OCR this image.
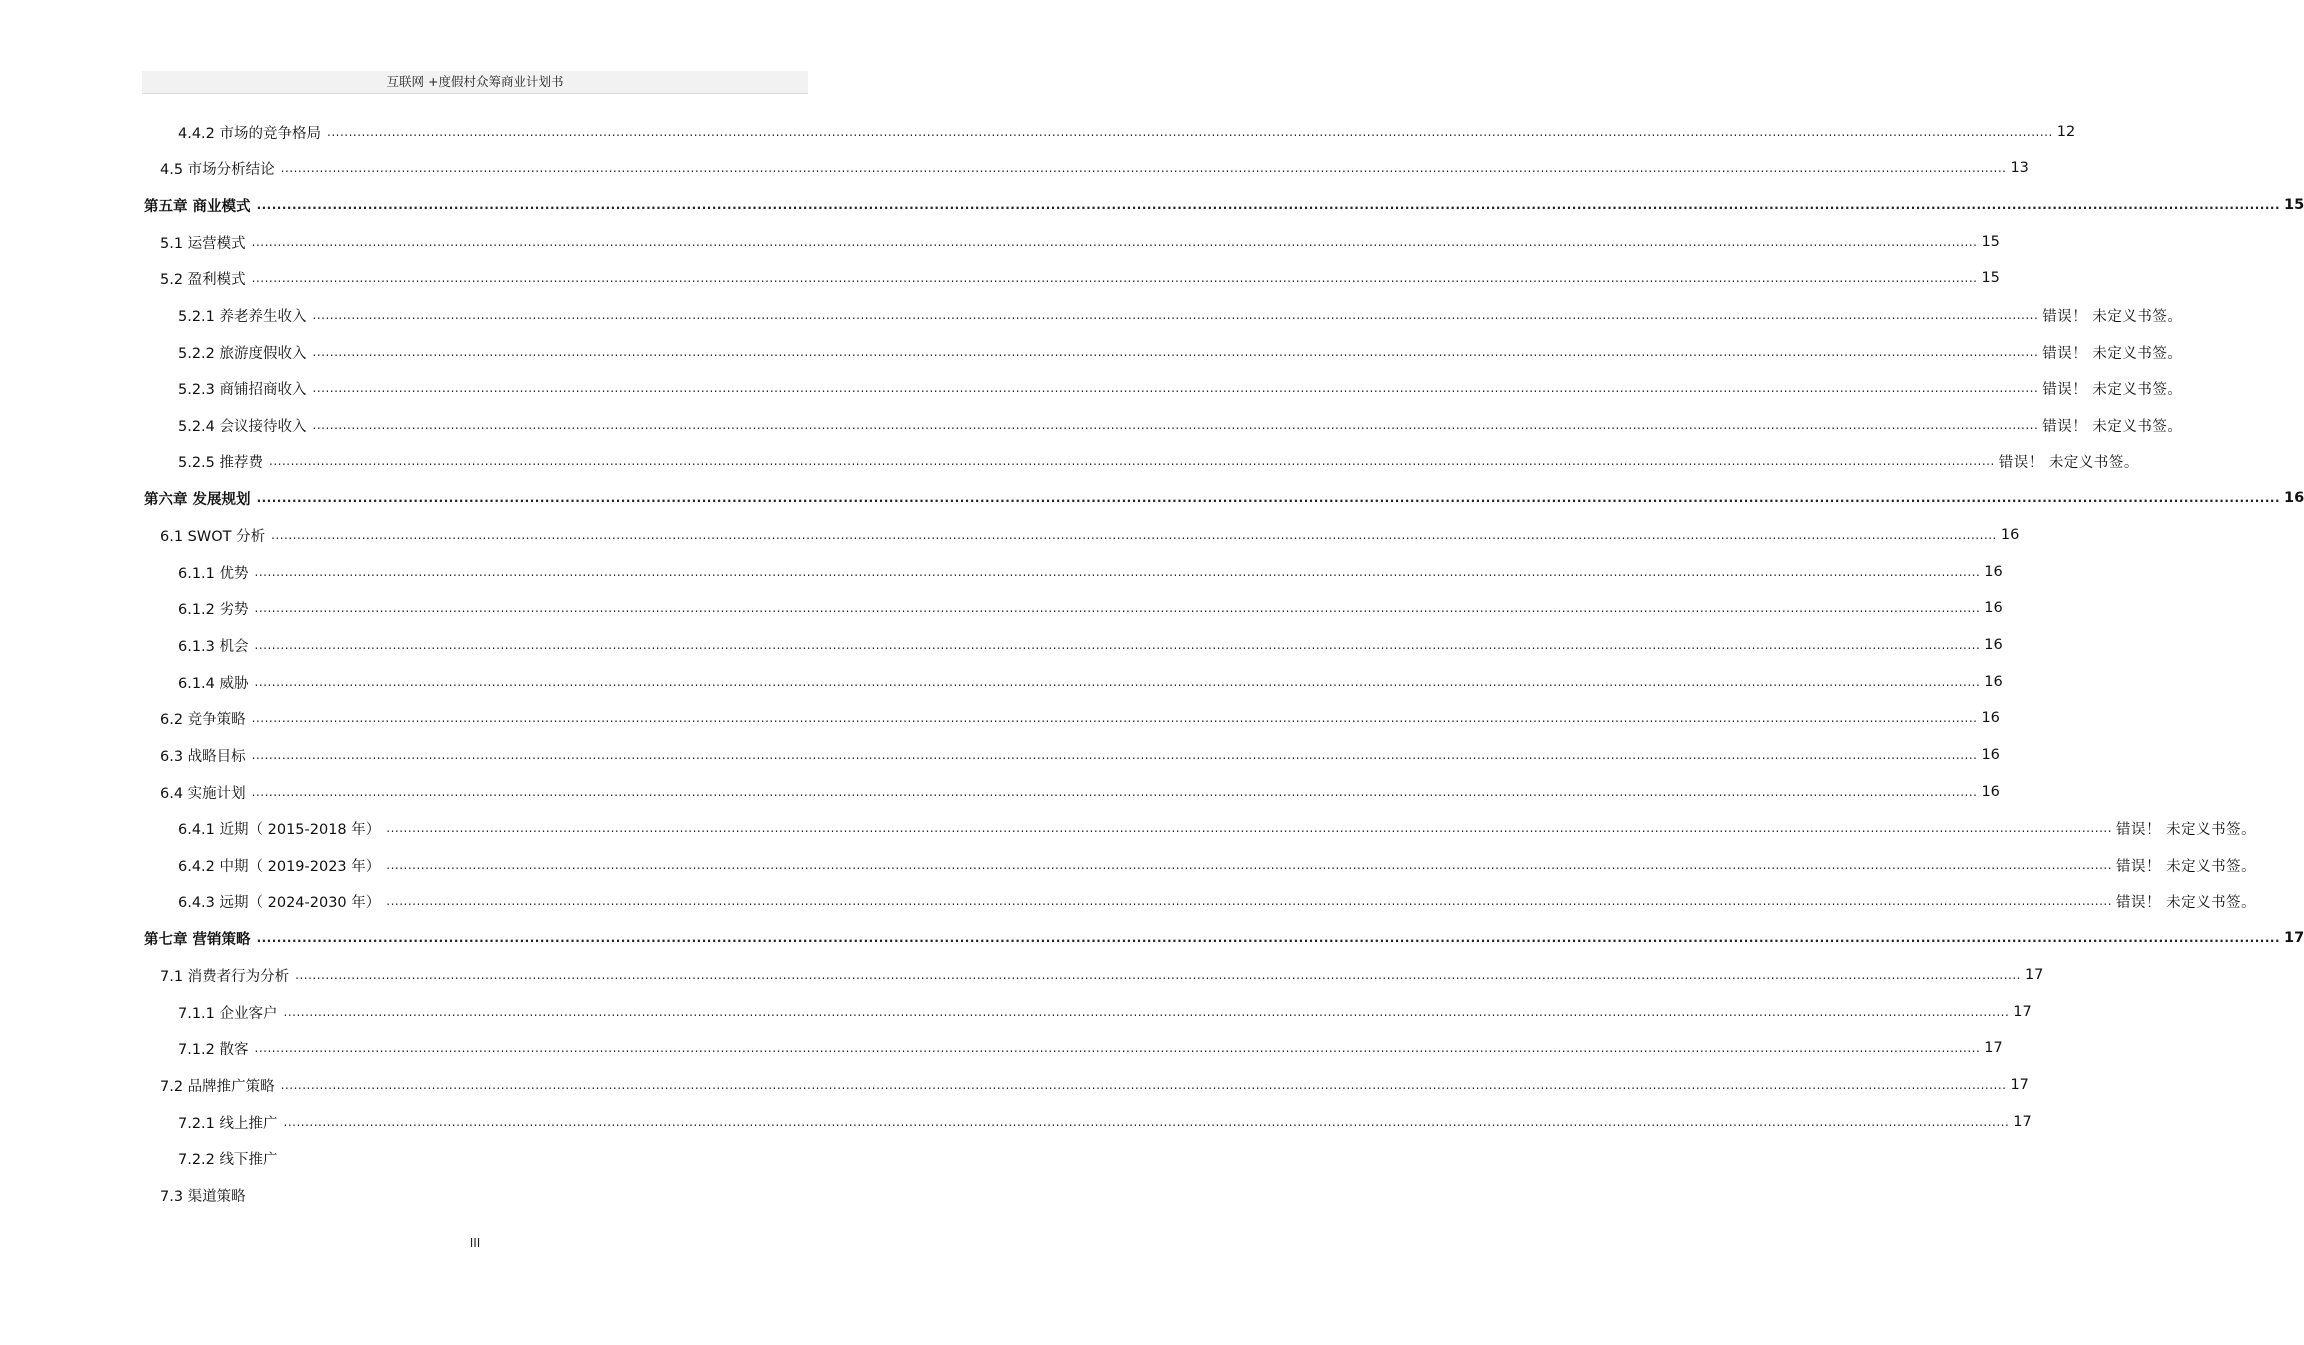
互联网 +度假村众筹商业计划书
4.4.2 市场的竞争格局 ................................................................................................................................................................................................................................................................................................................................................................................................................ 12
4.5 市场分析结论 ................................................................................................................................................................................................................................................................................................................................................................................................................ 13
第五章 商业模式 ................................................................................................................................................................................................................................................................................................................................................................................................................ 15
5.1 运营模式 ................................................................................................................................................................................................................................................................................................................................................................................................................ 15
5.2 盈利模式 ................................................................................................................................................................................................................................................................................................................................................................................................................ 15
5.2.1 养老养生收入 ................................................................................................................................................................................................................................................................................................................................................................................................................ 错误！ 未定义书签。
5.2.2 旅游度假收入 ................................................................................................................................................................................................................................................................................................................................................................................................................ 错误！ 未定义书签。
5.2.3 商铺招商收入 ................................................................................................................................................................................................................................................................................................................................................................................................................ 错误！ 未定义书签。
5.2.4 会议接待收入 ................................................................................................................................................................................................................................................................................................................................................................................................................ 错误！ 未定义书签。
5.2.5 推荐费 ................................................................................................................................................................................................................................................................................................................................................................................................................ 错误！ 未定义书签。
第六章 发展规划 ................................................................................................................................................................................................................................................................................................................................................................................................................ 16
6.1 SWOT 分析 ................................................................................................................................................................................................................................................................................................................................................................................................................ 16
6.1.1 优势 ................................................................................................................................................................................................................................................................................................................................................................................................................ 16
6.1.2 劣势 ................................................................................................................................................................................................................................................................................................................................................................................................................ 16
6.1.3 机会 ................................................................................................................................................................................................................................................................................................................................................................................................................ 16
6.1.4 威胁 ................................................................................................................................................................................................................................................................................................................................................................................................................ 16
6.2 竞争策略 ................................................................................................................................................................................................................................................................................................................................................................................................................ 16
6.3 战略目标 ................................................................................................................................................................................................................................................................................................................................................................................................................ 16
6.4 实施计划 ................................................................................................................................................................................................................................................................................................................................................................................................................ 16
6.4.1 近期（ 2015-2018 年） ................................................................................................................................................................................................................................................................................................................................................................................................................ 错误！ 未定义书签。
6.4.2 中期（ 2019-2023 年） ................................................................................................................................................................................................................................................................................................................................................................................................................ 错误！ 未定义书签。
6.4.3 远期（ 2024-2030 年） ................................................................................................................................................................................................................................................................................................................................................................................................................ 错误！ 未定义书签。
第七章 营销策略 ................................................................................................................................................................................................................................................................................................................................................................................................................ 17
7.1 消费者行为分析 ................................................................................................................................................................................................................................................................................................................................................................................................................ 17
7.1.1 企业客户 ................................................................................................................................................................................................................................................................................................................................................................................................................ 17
7.1.2 散客 ................................................................................................................................................................................................................................................................................................................................................................................................................ 17
7.2 品牌推广策略 ................................................................................................................................................................................................................................................................................................................................................................................................................ 17
7.2.1 线上推广 ................................................................................................................................................................................................................................................................................................................................................................................................................ 17
7.2.2 线下推广
7.3 渠道策略
III
